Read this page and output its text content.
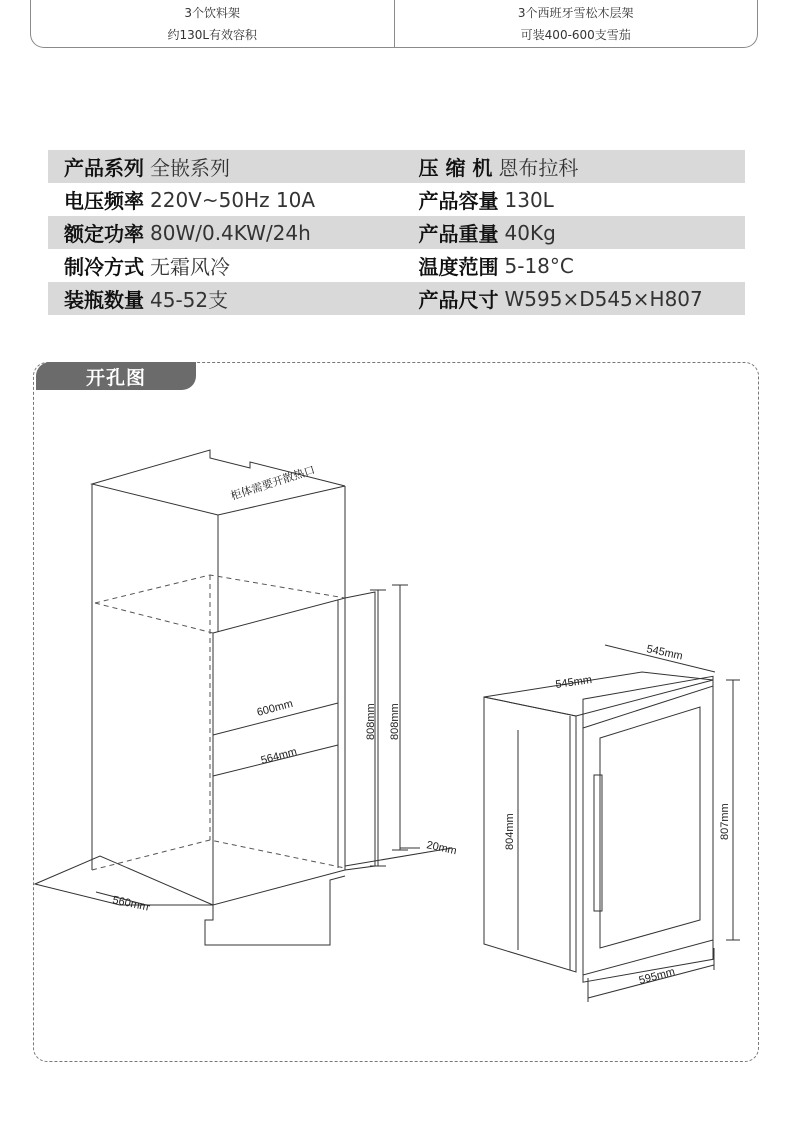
3个饮料架
约130L有效容积
3个西班牙雪松木层架
可装400-600支雪茄
产品系列 全嵌系列	压 缩 机 恩布拉科
电压频率 220V~50Hz 10A	产品容量 130L
额定功率 80W/0.4KW/24h	产品重量 40Kg
制冷方式 无霜风冷	温度范围 5-18°C
装瓶数量 45-52支	产品尺寸 W595×D545×H807
开孔图
柜体需要开散热口
600mm
564mm
808mm 808mm
20mm
560mm
545mm
545mm
804mm	807mm
595mm
